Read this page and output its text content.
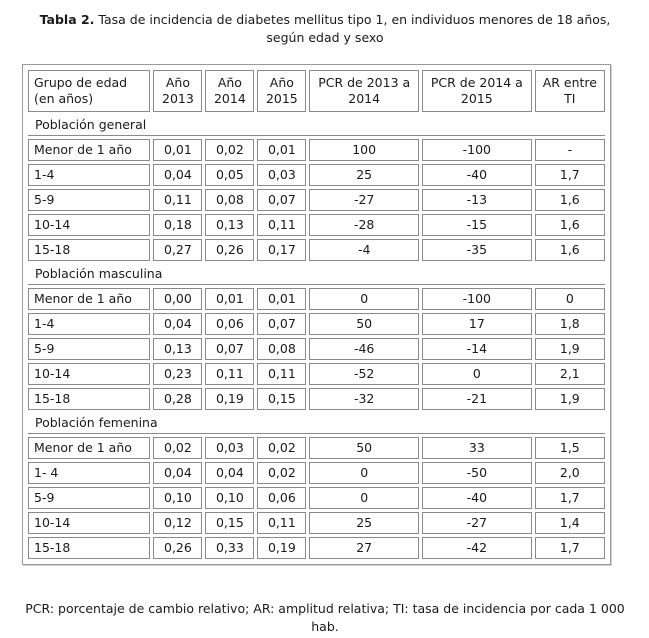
Tabla 2. Tasa de incidencia de diabetes mellitus tipo 1, en individuos menores de 18 años, según edad y sexo
Grupo de edad (en años)	Año 2013	Año 2014	Año 2015	PCR de 2013 a 2014	PCR de 2014 a 2015	AR entre TI
Población general						
Menor de 1 año	0,01	0,02	0,01	100	-100	-
1-4	0,04	0,05	0,03	25	-40	1,7
5-9	0,11	0,08	0,07	-27	-13	1,6
10-14	0,18	0,13	0,11	-28	-15	1,6
15-18	0,27	0,26	0,17	-4	-35	1,6
Población masculina						
Menor de 1 año	0,00	0,01	0,01	0	-100	0
1-4	0,04	0,06	0,07	50	17	1,8
5-9	0,13	0,07	0,08	-46	-14	1,9
10-14	0,23	0,11	0,11	-52	0	2,1
15-18	0,28	0,19	0,15	-32	-21	1,9
Población femenina						
Menor de 1 año	0,02	0,03	0,02	50	33	1,5
1- 4	0,04	0,04	0,02	0	-50	2,0
5-9	0,10	0,10	0,06	0	-40	1,7
10-14	0,12	0,15	0,11	25	-27	1,4
15-18	0,26	0,33	0,19	27	-42	1,7
PCR: porcentaje de cambio relativo; AR: amplitud relativa; TI: tasa de incidencia por cada 1 000 hab.
